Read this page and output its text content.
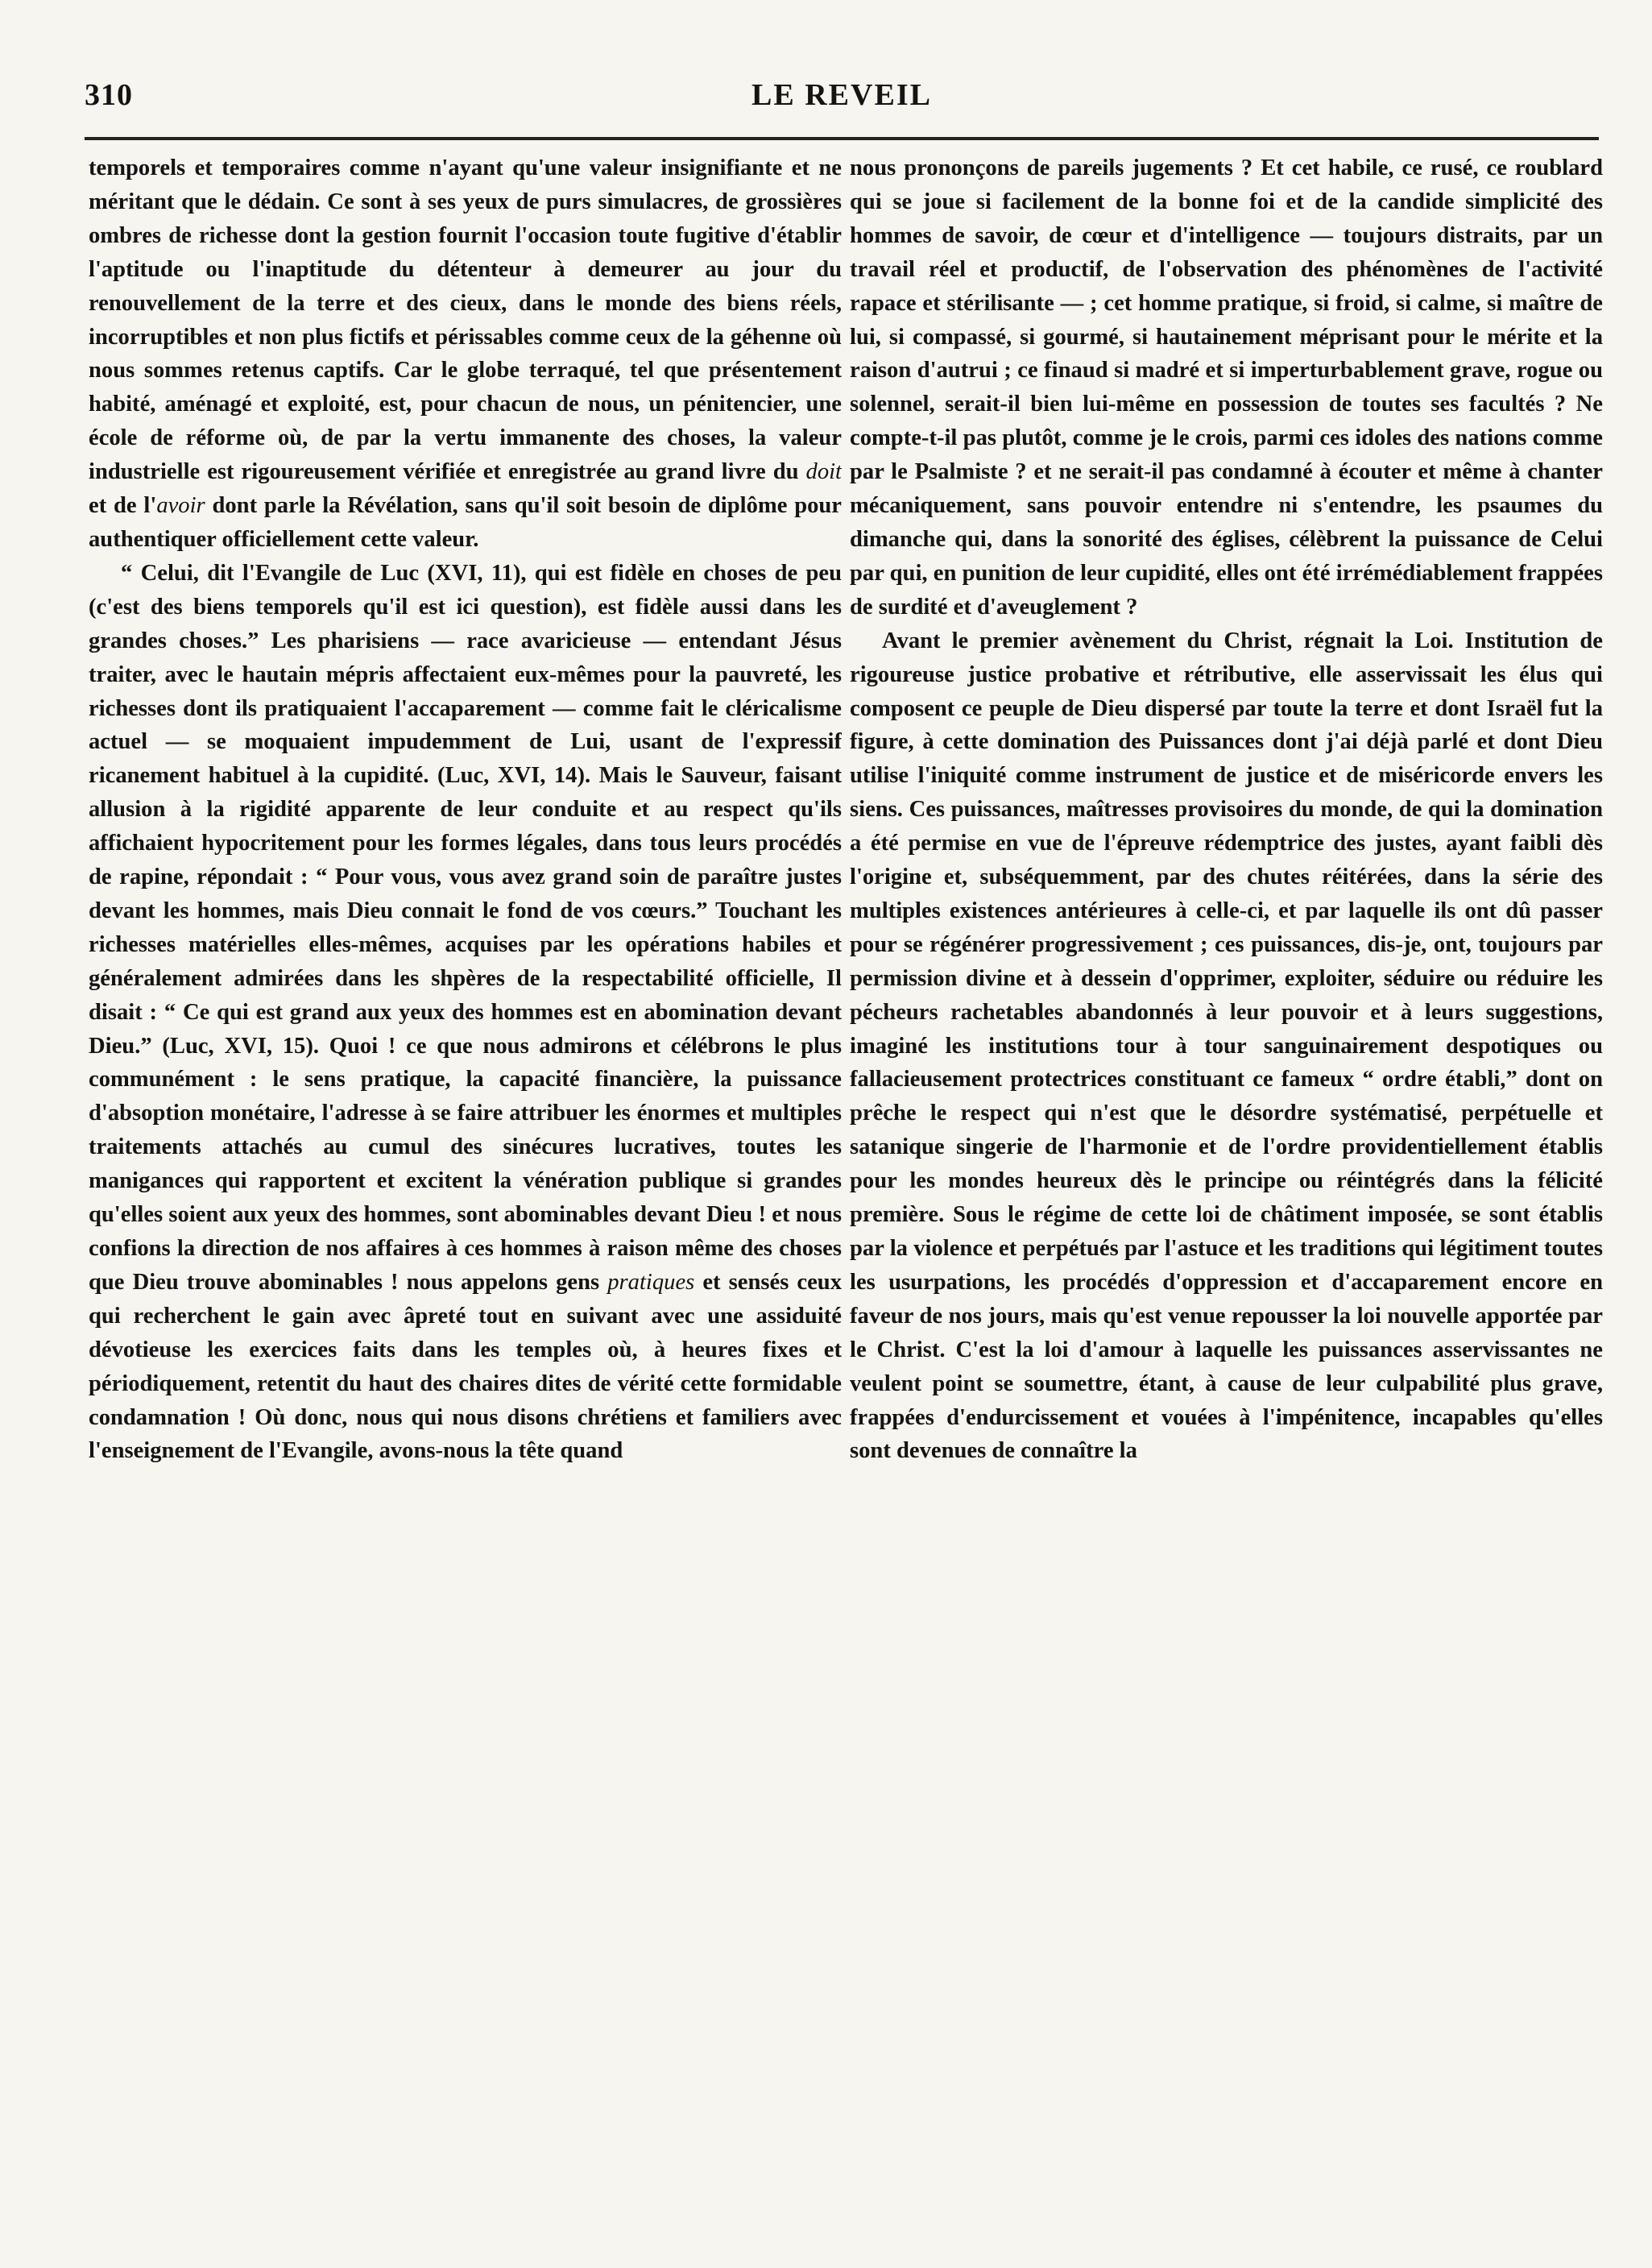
310	LE REVEIL

temporels et temporaires comme n'ayant qu'une valeur insignifiante et ne méritant que le dédain. Ce sont à ses yeux de purs simulacres, de grossières ombres de richesse dont la gestion fournit l'occasion toute fugitive d'établir l'aptitude ou l'inaptitude du détenteur à demeurer au jour du renouvellement de la terre et des cieux, dans le monde des biens réels, incorruptibles et non plus fictifs et périssables comme ceux de la géhenne où nous sommes retenus captifs. Car le globe terraqué, tel que présentement habité, aménagé et exploité, est, pour chacun de nous, un pénitencier, une école de réforme où, de par la vertu immanente des choses, la valeur industrielle est rigoureusement vérifiée et enregistrée au grand livre du doit et de l'avoir dont parle la Révélation, sans qu'il soit besoin de diplôme pour authentiquer officiellement cette valeur.

“ Celui, dit l'Evangile de Luc (XVI, 11), qui est fidèle en choses de peu (c'est des biens temporels qu'il est ici question), est fidèle aussi dans les grandes choses.” Les pharisiens — race avaricieuse — entendant Jésus traiter, avec le hautain mépris affectaient eux-mêmes pour la pauvreté, les richesses dont ils pratiquaient l'accaparement — comme fait le cléricalisme actuel — se moquaient impudemment de Lui, usant de l'expressif ricanement habituel à la cupidité. (Luc, XVI, 14). Mais le Sauveur, faisant allusion à la rigidité apparente de leur conduite et au respect qu'ils affichaient hypocritement pour les formes légales, dans tous leurs procédés de rapine, répondait : “ Pour vous, vous avez grand soin de paraître justes devant les hommes, mais Dieu connait le fond de vos cœurs.” Touchant les richesses matérielles elles-mêmes, acquises par les opérations habiles et généralement admirées dans les shpères de la respectabilité officielle, Il disait : “ Ce qui est grand aux yeux des hommes est en abomination devant Dieu.” (Luc, XVI, 15). Quoi ! ce que nous admirons et célébrons le plus communément : le sens pratique, la capacité financière, la puissance d'absoption monétaire, l'adresse à se faire attribuer les énormes et multiples traitements attachés au cumul des sinécures lucratives, toutes les manigances qui rapportent et excitent la vénération publique si grandes qu'elles soient aux yeux des hommes, sont abominables devant Dieu ! et nous confions la direction de nos affaires à ces hommes à raison même des choses que Dieu trouve abominables ! nous appelons gens pratiques et sensés ceux qui recherchent le gain avec âpreté tout en suivant avec une assiduité dévotieuse les exercices faits dans les temples où, à heures fixes et périodiquement, retentit du haut des chaires dites de vérité cette formidable condamnation ! Où donc, nous qui nous disons chrétiens et familiers avec l'enseignement de l'Evangile, avons-nous la tête quand

nous prononçons de pareils jugements ? Et cet habile, ce rusé, ce roublard qui se joue si facilement de la bonne foi et de la candide simplicité des hommes de savoir, de cœur et d'intelligence — toujours distraits, par un travail réel et productif, de l'observation des phénomènes de l'activité rapace et stérilisante — ; cet homme pratique, si froid, si calme, si maître de lui, si compassé, si gourmé, si hautainement méprisant pour le mérite et la raison d'autrui ; ce finaud si madré et si imperturbablement grave, rogue ou solennel, serait-il bien lui-même en possession de toutes ses facultés ? Ne compte-t-il pas plutôt, comme je le crois, parmi ces idoles des nations comme par le Psalmiste ? et ne serait-il pas condamné à écouter et même à chanter mécaniquement, sans pouvoir entendre ni s'entendre, les psaumes du dimanche qui, dans la sonorité des églises, célèbrent la puissance de Celui par qui, en punition de leur cupidité, elles ont été irrémédiablement frappées de surdité et d'aveuglement ?

Avant le premier avènement du Christ, régnait la Loi. Institution de rigoureuse justice probative et rétributive, elle asservissait les élus qui composent ce peuple de Dieu dispersé par toute la terre et dont Israël fut la figure, à cette domination des Puissances dont j'ai déjà parlé et dont Dieu utilise l'iniquité comme instrument de justice et de miséricorde envers les siens. Ces puissances, maîtresses provisoires du monde, de qui la domination a été permise en vue de l'épreuve rédemptrice des justes, ayant faibli dès l'origine et, subséquemment, par des chutes réitérées, dans la série des multiples existences antérieures à celle-ci, et par laquelle ils ont dû passer pour se régénérer progressivement ; ces puissances, dis-je, ont, toujours par permission divine et à dessein d'opprimer, exploiter, séduire ou réduire les pécheurs rachetables abandonnés à leur pouvoir et à leurs suggestions, imaginé les institutions tour à tour sanguinairement despotiques ou fallacieusement protectrices constituant ce fameux “ ordre établi,” dont on prêche le respect qui n'est que le désordre systématisé, perpétuelle et satanique singerie de l'harmonie et de l'ordre providentiellement établis pour les mondes heureux dès le principe ou réintégrés dans la félicité première. Sous le régime de cette loi de châtiment imposée, se sont établis par la violence et perpétués par l'astuce et les traditions qui légitiment toutes les usurpations, les procédés d'oppression et d'accaparement encore en faveur de nos jours, mais qu'est venue repousser la loi nouvelle apportée par le Christ. C'est la loi d'amour à laquelle les puissances asservissantes ne veulent point se soumettre, étant, à cause de leur culpabilité plus grave, frappées d'endurcissement et vouées à l'impénitence, incapables qu'elles sont devenues de connaître la
